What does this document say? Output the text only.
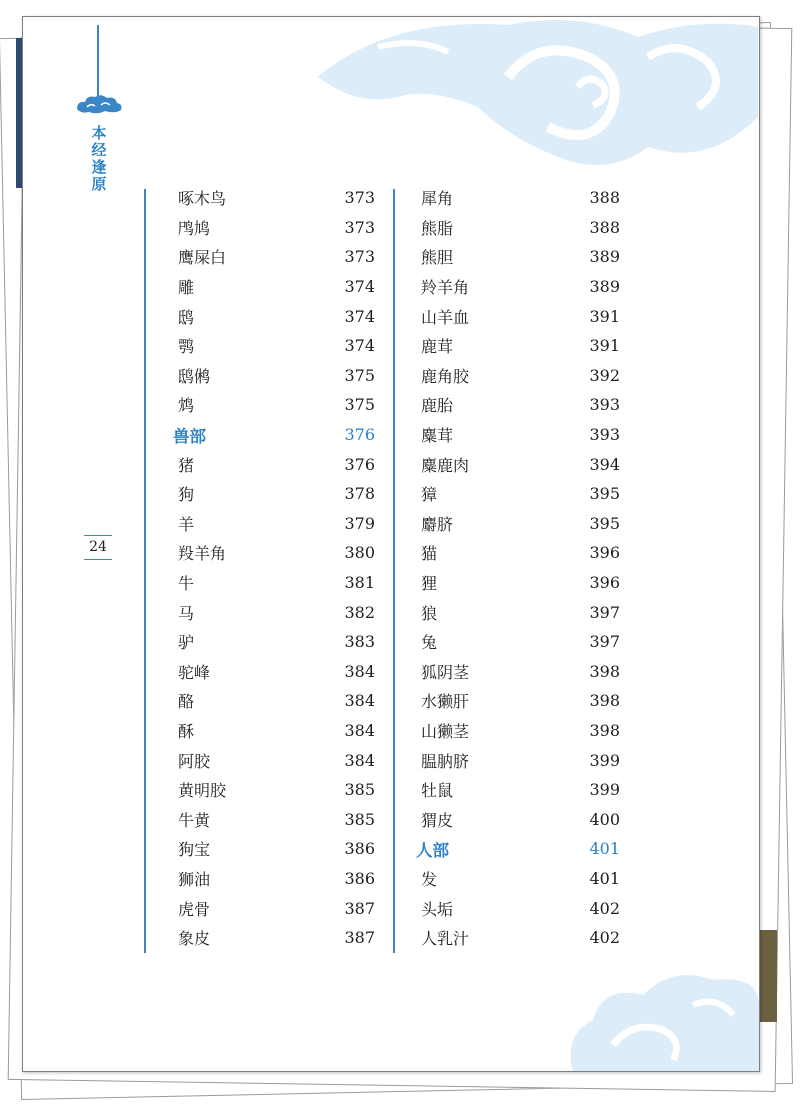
本
经
逢
原
24
啄木鸟	373
鸤鸠	373
鹰屎白	373
雕	374
鸱	374
鹗	374
鸱鸺	375
鸩	375
兽部	376
猪	376
狗	378
羊	379
羖羊角	380
牛	381
马	382
驴	383
驼峰	384
酪	384
酥	384
阿胶	384
黄明胶	385
牛黄	385
狗宝	386
狮油	386
虎骨	387
象皮	387
犀角	388
熊脂	388
熊胆	389
羚羊角	389
山羊血	391
鹿茸	391
鹿角胶	392
鹿胎	393
麋茸	393
麋鹿肉	394
獐	395
麝脐	395
猫	396
狸	396
狼	397
兔	397
狐阴茎	398
水獭肝	398
山獭茎	398
腽肭脐	399
牡鼠	399
猬皮	400
人部	401
发	401
头垢	402
人乳汁	402
